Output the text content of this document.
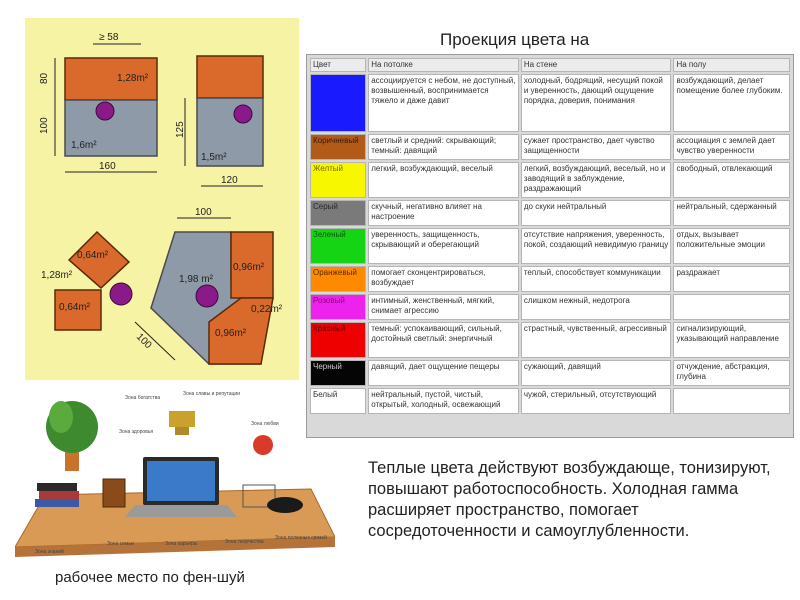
1,28m²
1,6m²
≥ 58
80
100
160
1,5m²
125
120
0,64m²
1,28m²
0,64m²
1,98 m²
0,96m²
0,22m²
0,96m²
100
100
Проекция цвета на
Цвет	На потолке	На стене	На полу
Голубой	ассоциируется с небом, не доступный, возвышенный, воспринимается тяжело и даже давит	холодный, бодрящий, несущий покой и уверенность, дающий ощущение порядка, доверия, понимания	возбуждающий, делает помещение более глубоким.
Коричневый	светлый и средний: скрывающий; темный: давящий	сужает пространство, дает чувство защищенности	ассоциация с землей дает чувство уверенности
Желтый	легкий, возбуждающий, веселый	легкий, возбуждающий, веселый, но и заводящий в заблуждение, раздражающий	свободный, отвлекающий
Серый	скучный, негативно влияет на настроение	до скуки нейтральный	нейтральный, сдержанный
Зеленый	уверенность, защищенность, скрывающий и оберегающий	отсутствие напряжения, уверенность, покой, создающий невидимую границу	отдых, вызывает положительные эмоции
Оранжевый	помогает сконцентрироваться, возбуждает	теплый, способствует коммуникации	раздражает
Розовый	интимный, женственный, мягкий, снимает агрессию	слишком нежный, недотрога	
Красный	темный: успокаивающий, сильный, достойный светлый: энергичный	страстный, чувственный, агрессивный	сигнализирующий, указывающий направление
Черный	давящий, дает ощущение пещеры	сужающий, давящий	отчуждение, абстракция, глубина
Белый	нейтральный, пустой, чистый, открытый, холодный, освежающий	чужой, стерильный, отсутствующий	
Зона богатства
Зона славы и репутации
Зона здоровья
Зона любви
Зона знаний
Зона семьи	Зона карьеры	Зона творчества
Зона полезных связей
рабочее место по фен-шуй
Теплые цвета действуют возбуждающе, тонизируют, повышают работоспособность. Холодная гамма расширяет пространство, помогает сосредоточенности и самоуглубленности.
